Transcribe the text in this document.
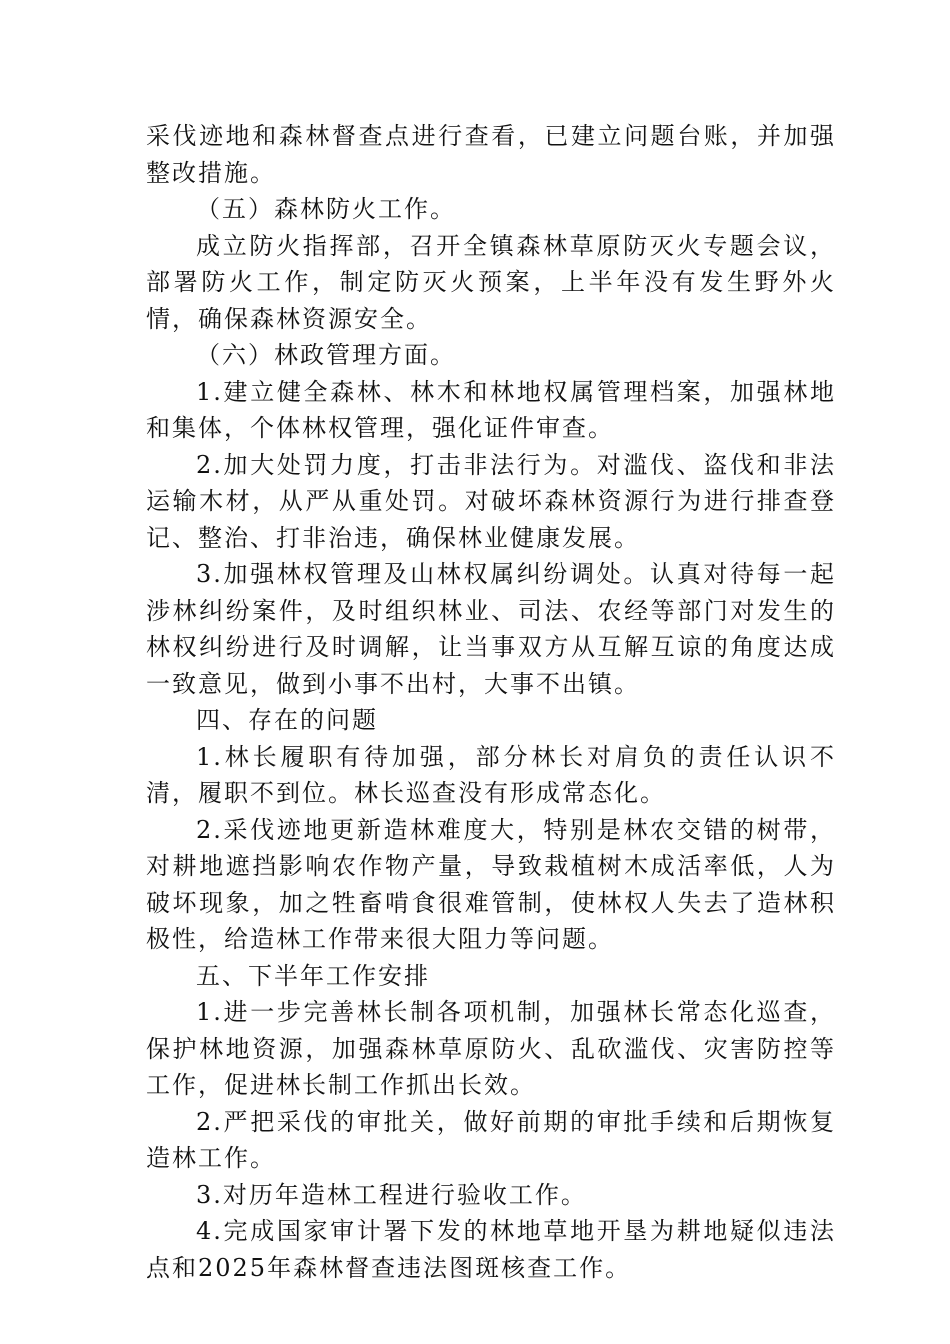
采伐迹地和森林督查点进行查看，已建立问题台账，并加强整改措施。

（五）森林防火工作。

成立防火指挥部，召开全镇森林草原防灭火专题会议，部署防火工作，制定防灭火预案，上半年没有发生野外火情，确保森林资源安全。

（六）林政管理方面。

1.建立健全森林、林木和林地权属管理档案，加强林地和集体，个体林权管理，强化证件审查。

2.加大处罚力度，打击非法行为。对滥伐、盗伐和非法运输木材，从严从重处罚。对破坏森林资源行为进行排查登记、整治、打非治违，确保林业健康发展。

3.加强林权管理及山林权属纠纷调处。认真对待每一起涉林纠纷案件，及时组织林业、司法、农经等部门对发生的林权纠纷进行及时调解，让当事双方从互解互谅的角度达成一致意见，做到小事不出村，大事不出镇。

四、存在的问题

1.林长履职有待加强，部分林长对肩负的责任认识不清，履职不到位。林长巡查没有形成常态化。

2.采伐迹地更新造林难度大，特别是林农交错的树带，对耕地遮挡影响农作物产量，导致栽植树木成活率低，人为破坏现象，加之牲畜啃食很难管制，使林权人失去了造林积极性，给造林工作带来很大阻力等问题。

五、下半年工作安排

1.进一步完善林长制各项机制，加强林长常态化巡查，保护林地资源，加强森林草原防火、乱砍滥伐、灾害防控等工作，促进林长制工作抓出长效。

2.严把采伐的审批关，做好前期的审批手续和后期恢复造林工作。

3.对历年造林工程进行验收工作。

4.完成国家审计署下发的林地草地开垦为耕地疑似违法点和2025年森林督查违法图斑核查工作。
